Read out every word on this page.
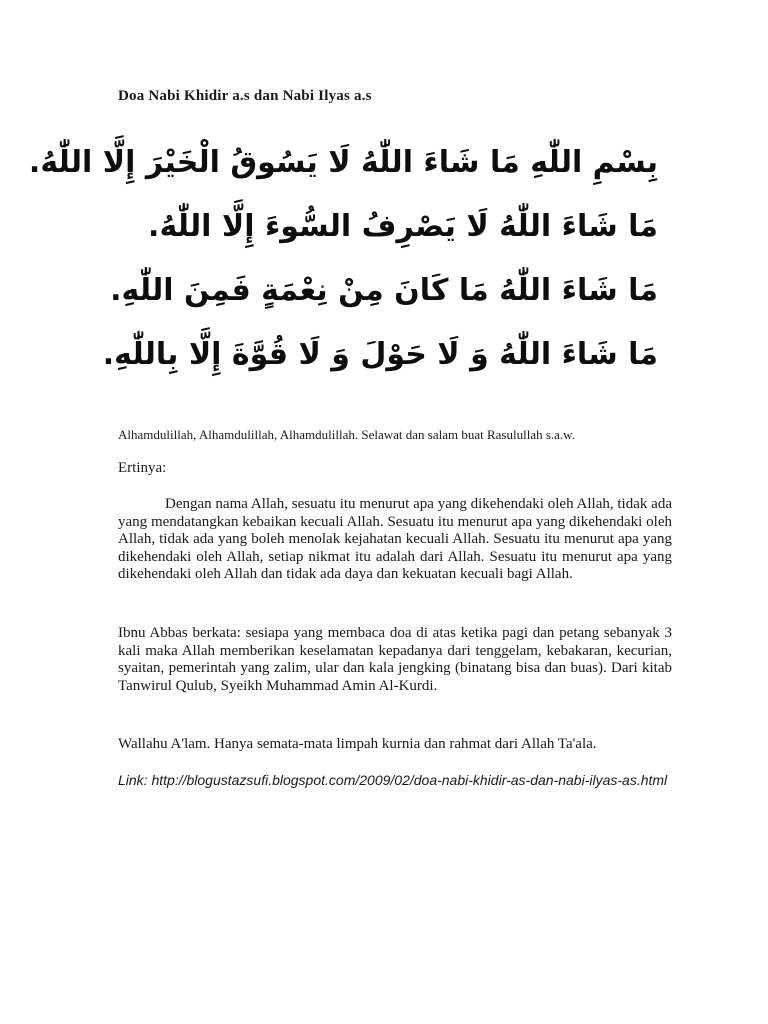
Doa Nabi Khidir a.s dan Nabi Ilyas a.s
بِسْمِ اللّٰهِ مَا شَاءَ اللّٰهُ لَا يَسُوقُ الْخَيْرَ إِلَّا اللّٰهُ.
مَا شَاءَ اللّٰهُ لَا يَصْرِفُ السُّوءَ إِلَّا اللّٰهُ.
مَا شَاءَ اللّٰهُ مَا كَانَ مِنْ نِعْمَةٍ فَمِنَ اللّٰهِ.
مَا شَاءَ اللّٰهُ وَ لَا حَوْلَ وَ لَا قُوَّةَ إِلَّا بِاللّٰهِ.
Alhamdulillah, Alhamdulillah, Alhamdulillah. Selawat dan salam buat Rasulullah s.a.w.
Ertinya:
Dengan nama Allah, sesuatu itu menurut apa yang dikehendaki oleh Allah, tidak ada yang mendatangkan kebaikan kecuali Allah. Sesuatu itu menurut apa yang dikehendaki oleh Allah, tidak ada yang boleh menolak kejahatan kecuali Allah. Sesuatu itu menurut apa yang dikehendaki oleh Allah, setiap nikmat itu adalah dari Allah. Sesuatu itu menurut apa yang dikehendaki oleh Allah dan tidak ada daya dan kekuatan kecuali bagi Allah.
Ibnu Abbas berkata: sesiapa yang membaca doa di atas ketika pagi dan petang sebanyak 3 kali maka Allah memberikan keselamatan kepadanya dari tenggelam, kebakaran, kecurian, syaitan, pemerintah yang zalim, ular dan kala jengking (binatang bisa dan buas). Dari kitab Tanwirul Qulub, Syeikh Muhammad Amin Al-Kurdi.
Wallahu A'lam. Hanya semata-mata limpah kurnia dan rahmat dari Allah Ta'ala.
Link: http://blogustazsufi.blogspot.com/2009/02/doa-nabi-khidir-as-dan-nabi-ilyas-as.html
